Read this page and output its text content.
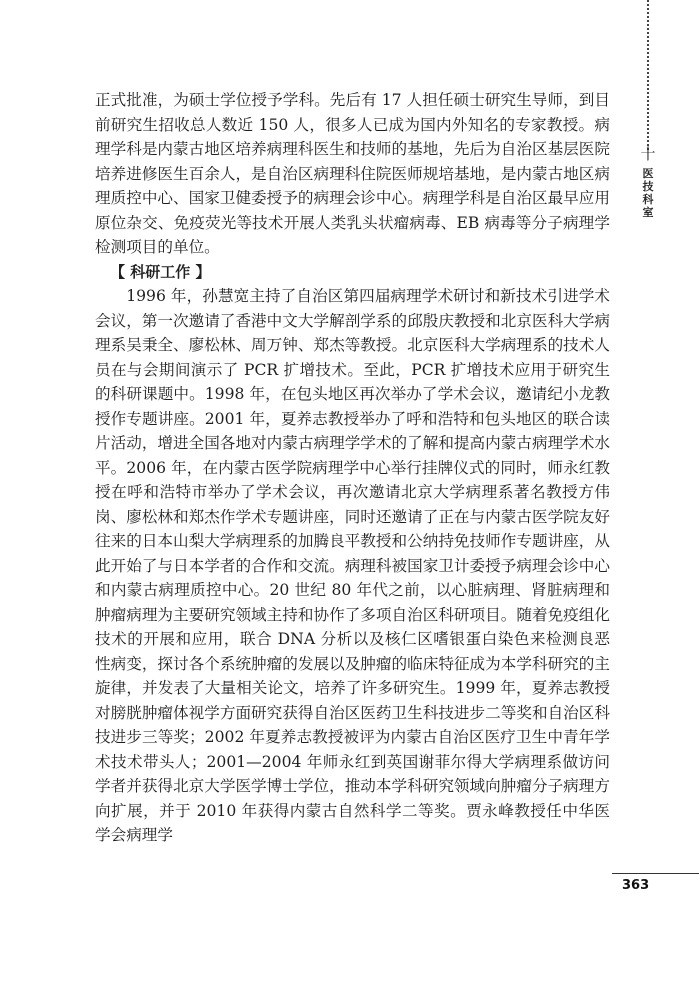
十
医技科室

正式批准，为硕士学位授予学科。先后有 17 人担任硕士研究生导师，到目前研究生招收总人数近 150 人，很多人已成为国内外知名的专家教授。病理学科是内蒙古地区培养病理科医生和技师的基地，先后为自治区基层医院培养进修医生百余人，是自治区病理科住院医师规培基地，是内蒙古地区病理质控中心、国家卫健委授予的病理会诊中心。病理学科是自治区最早应用原位杂交、免疫荧光等技术开展人类乳头状瘤病毒、EB 病毒等分子病理学检测项目的单位。

【 科研工作 】

1996 年，孙慧宽主持了自治区第四届病理学术研讨和新技术引进学术会议，第一次邀请了香港中文大学解剖学系的邱殷庆教授和北京医科大学病理系吴秉全、廖松林、周万钟、郑杰等教授。北京医科大学病理系的技术人员在与会期间演示了 PCR 扩增技术。至此，PCR 扩增技术应用于研究生的科研课题中。1998 年，在包头地区再次举办了学术会议，邀请纪小龙教授作专题讲座。2001 年，夏养志教授举办了呼和浩特和包头地区的联合读片活动，增进全国各地对内蒙古病理学学术的了解和提高内蒙古病理学术水平。2006 年，在内蒙古医学院病理学中心举行挂牌仪式的同时，师永红教授在呼和浩特市举办了学术会议，再次邀请北京大学病理系著名教授方伟岗、廖松林和郑杰作学术专题讲座，同时还邀请了正在与内蒙古医学院友好往来的日本山梨大学病理系的加腾良平教授和公纳持免技师作专题讲座，从此开始了与日本学者的合作和交流。病理科被国家卫计委授予病理会诊中心和内蒙古病理质控中心。20 世纪 80 年代之前，以心脏病理、肾脏病理和肿瘤病理为主要研究领域主持和协作了多项自治区科研项目。随着免疫组化技术的开展和应用，联合 DNA 分析以及核仁区嗜银蛋白染色来检测良恶性病变，探讨各个系统肿瘤的发展以及肿瘤的临床特征成为本学科研究的主旋律，并发表了大量相关论文，培养了许多研究生。1999 年，夏养志教授对膀胱肿瘤体视学方面研究获得自治区医药卫生科技进步二等奖和自治区科技进步三等奖；2002 年夏养志教授被评为内蒙古自治区医疗卫生中青年学术技术带头人；2001—2004 年师永红到英国谢菲尔得大学病理系做访问学者并获得北京大学医学博士学位，推动本学科研究领域向肿瘤分子病理方向扩展，并于 2010 年获得内蒙古自然科学二等奖。贾永峰教授任中华医学会病理学

363
